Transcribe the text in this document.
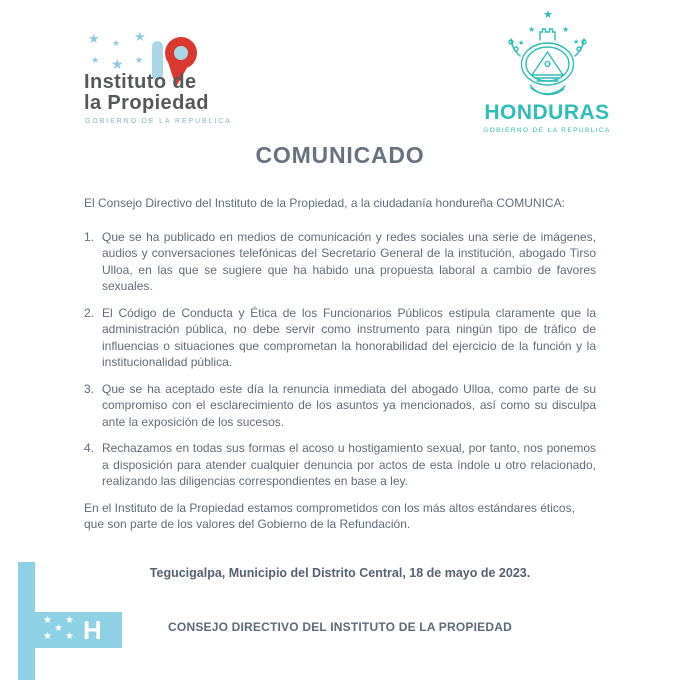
★ ★ ★
★ ★ ★
Instituto de
la Propiedad
GOBIERNO DE LA REPÚBLICA
★
★	★
★	★
HONDURAS
GOBIERNO DE LA REPÚBLICA
COMUNICADO
El Consejo Directivo del Instituto de la Propiedad, a la ciudadanía hondureña COMUNICA:
1. Que se ha publicado en medios de comunicación y redes sociales una serie de imágenes, audios y conversaciones telefónicas del Secretario General de la institución, abogado Tirso Ulloa, en las que se sugiere que ha habido una propuesta laboral a cambio de favores sexuales.
2. El Código de Conducta y Ética de los Funcionarios Públicos estipula claramente que la administración pública, no debe servir como instrumento para ningún tipo de tráfico de influencias o situaciones que comprometan la honorabilidad del ejercicio de la función y la institucionalidad pública.
3. Que se ha aceptado este día la renuncia inmediata del abogado Ulloa, como parte de su compromiso con el esclarecimiento de los asuntos ya mencionados, así como su disculpa ante la exposición de los sucesos.
4. Rechazamos en todas sus formas el acoso u hostigamiento sexual, por tanto, nos ponemos a disposición para atender cualquier denuncia por actos de esta índole u otro relacionado, realizando las diligencias correspondientes en base a ley.
En el Instituto de la Propiedad estamos comprometidos con los más altos estándares éticos, que son parte de los valores del Gobierno de la Refundación.
Tegucigalpa, Municipio del Distrito Central, 18 de mayo de 2023.
★ ★
★
★ ★ H	CONSEJO DIRECTIVO DEL INSTITUTO DE LA PROPIEDAD
